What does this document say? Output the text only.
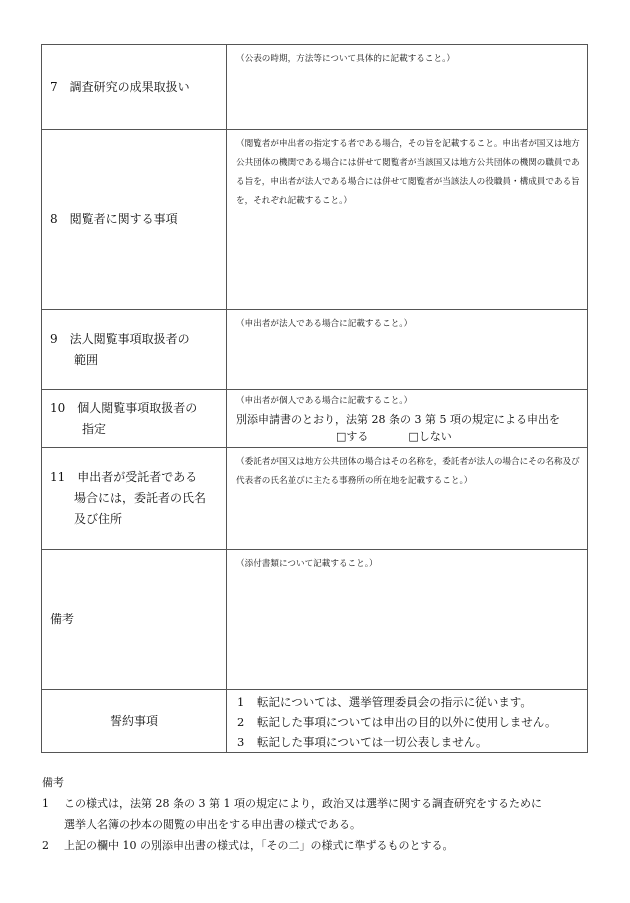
7　調査研究の成果取扱い	（公表の時期，方法等について具体的に記載すること。）

8　閲覧者に関する事項	（閲覧者が申出者の指定する者である場合，その旨を記載すること。申出者が国又は地方公共団体の機関である場合には併せて閲覧者が当該国又は地方公共団体の機関の職員である旨を，申出者が法人である場合には併せて閲覧者が当該法人の役職員・構成員である旨を，それぞれ記載すること。）

9　法人閲覧事項取扱者の
範囲	（申出者が法人である場合に記載すること。）

10　個人閲覧事項取扱者の
指定	（申出者が個人である場合に記載すること。）
別添申請書のとおり，法第 28 条の 3 第 5 項の規定による申出を
□する □しない

11　申出者が受託者である
場合には，委託者の氏名
及び住所	（委託者が国又は地方公共団体の場合はその名称を，委託者が法人の場合にその名称及び代表者の氏名並びに主たる事務所の所在地を記載すること。）

備考	（添付書類について記載すること。）

誓約事項	1 転記については、選挙管理委員会の指示に従います。
2 転記した事項については申出の目的以外に使用しません。
3 転記した事項については一切公表しません。
備考
1	この様式は，法第 28 条の 3 第 1 項の規定により，政治又は選挙に関する調査研究をするために
選挙人名簿の抄本の閲覧の申出をする申出書の様式である。
2	上記の欄中 10 の別添申出書の様式は，「その二」の様式に準ずるものとする。
